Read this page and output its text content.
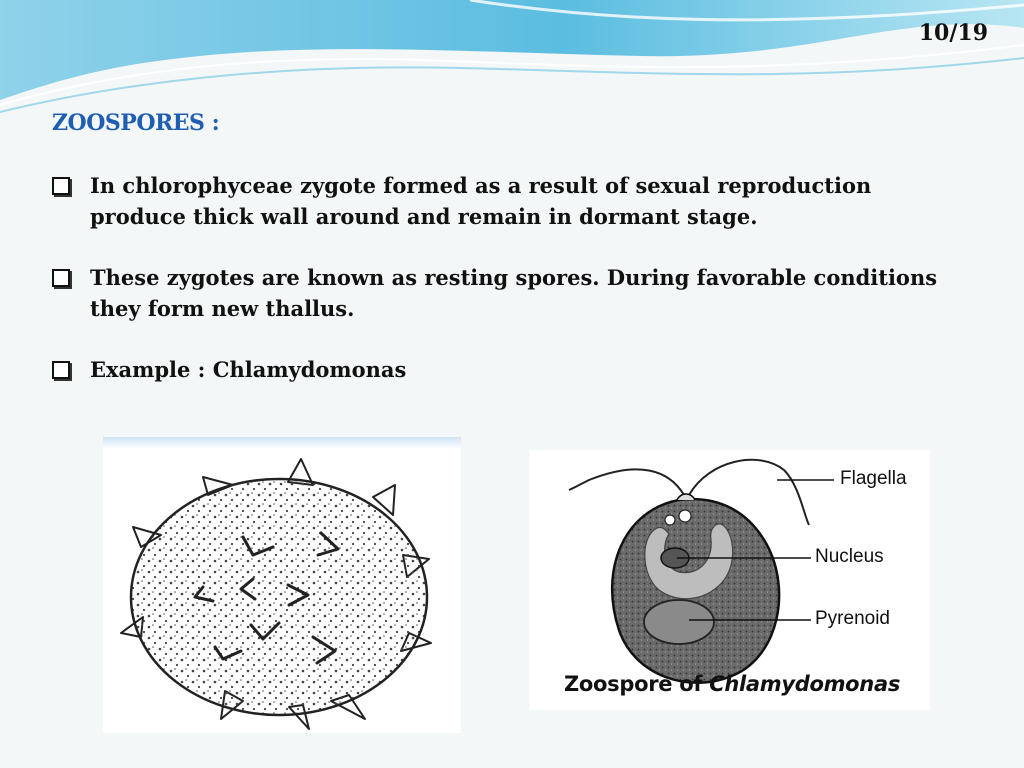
10/19
ZOOSPORES :
In chlorophyceae zygote formed as a result of sexual reproduction produce thick wall around and remain in dormant stage.
These zygotes are known as resting spores. During favorable conditions they form new thallus.
Example : Chlamydomonas
Flagella
Nucleus
Pyrenoid
Zoospore of Chlamydomonas
